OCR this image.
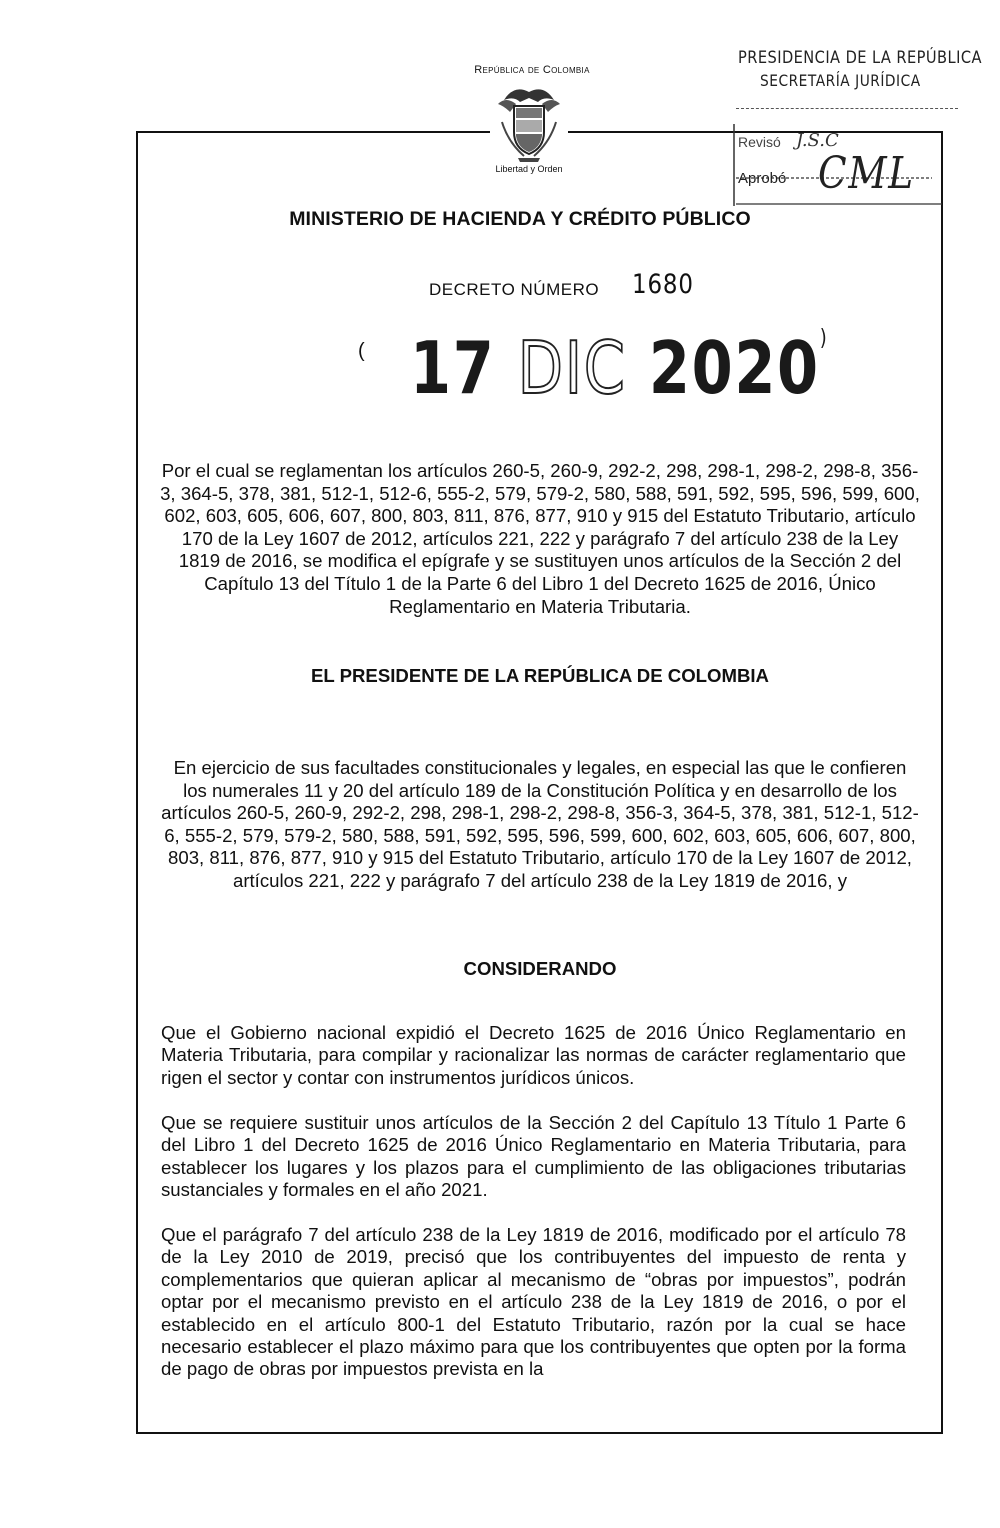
República de Colombia
Libertad y Orden
PRESIDENCIA DE LA REPÚBLICA
SECRETARÍA JURÍDICA
Revisó J.S.C
Aprobó CML
MINISTERIO DE HACIENDA Y CRÉDITO PÚBLICO
DECRETO NÚMERO 1680
( 17 DIC 2020)
Por el cual se reglamentan los artículos 260-5, 260-9, 292-2, 298, 298-1, 298-2, 298-8, 356-3, 364-5, 378, 381, 512-1, 512-6, 555-2, 579, 579-2, 580, 588, 591, 592, 595, 596, 599, 600, 602, 603, 605, 606, 607, 800, 803, 811, 876, 877, 910 y 915 del Estatuto Tributario, artículo 170 de la Ley 1607 de 2012, artículos 221, 222 y parágrafo 7 del artículo 238 de la Ley 1819 de 2016, se modifica el epígrafe y se sustituyen unos artículos de la Sección 2 del Capítulo 13 del Título 1 de la Parte 6 del Libro 1 del Decreto 1625 de 2016, Único Reglamentario en Materia Tributaria.
EL PRESIDENTE DE LA REPÚBLICA DE COLOMBIA
En ejercicio de sus facultades constitucionales y legales, en especial las que le confieren los numerales 11 y 20 del artículo 189 de la Constitución Política y en desarrollo de los artículos 260-5, 260-9, 292-2, 298, 298-1, 298-2, 298-8, 356-3, 364-5, 378, 381, 512-1, 512-6, 555-2, 579, 579-2, 580, 588, 591, 592, 595, 596, 599, 600, 602, 603, 605, 606, 607, 800, 803, 811, 876, 877, 910 y 915 del Estatuto Tributario, artículo 170 de la Ley 1607 de 2012, artículos 221, 222 y parágrafo 7 del artículo 238 de la Ley 1819 de 2016, y
CONSIDERANDO
Que el Gobierno nacional expidió el Decreto 1625 de 2016 Único Reglamentario en Materia Tributaria, para compilar y racionalizar las normas de carácter reglamentario que rigen el sector y contar con instrumentos jurídicos únicos.
Que se requiere sustituir unos artículos de la Sección 2 del Capítulo 13 Título 1 Parte 6 del Libro 1 del Decreto 1625 de 2016 Único Reglamentario en Materia Tributaria, para establecer los lugares y los plazos para el cumplimiento de las obligaciones tributarias sustanciales y formales en el año 2021.
Que el parágrafo 7 del artículo 238 de la Ley 1819 de 2016, modificado por el artículo 78 de la Ley 2010 de 2019, precisó que los contribuyentes del impuesto de renta y complementarios que quieran aplicar al mecanismo de “obras por impuestos”, podrán optar por el mecanismo previsto en el artículo 238 de la Ley 1819 de 2016, o por el establecido en el artículo 800-1 del Estatuto Tributario, razón por la cual se hace necesario establecer el plazo máximo para que los contribuyentes que opten por la forma de pago de obras por impuestos prevista en la
